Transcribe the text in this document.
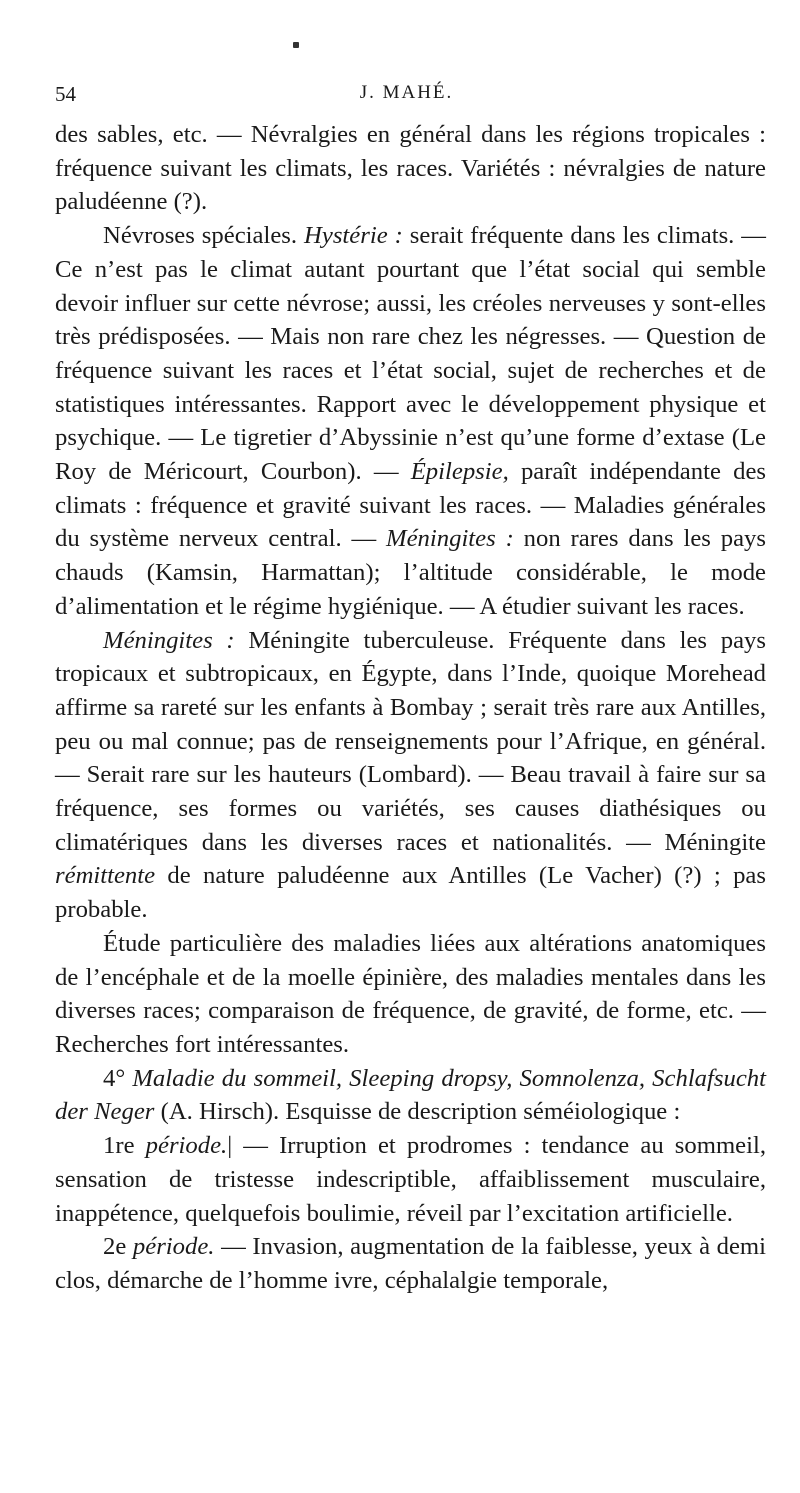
54	J. MAHÉ.

des sables, etc. — Névralgies en général dans les régions tropicales : fréquence suivant les climats, les races. Variétés : névralgies de nature paludéenne (?).

Névroses spéciales. Hystérie : serait fréquente dans les climats. — Ce n’est pas le climat autant pourtant que l’état social qui semble devoir influer sur cette névrose; aussi, les créoles nerveuses y sont-elles très prédisposées. — Mais non rare chez les négresses. — Question de fréquence suivant les races et l’état social, sujet de recherches et de statistiques intéressantes. Rapport avec le développement physique et psychique. — Le tigretier d’Abyssinie n’est qu’une forme d’extase (Le Roy de Méricourt, Courbon). — Épilepsie, paraît indépendante des climats : fréquence et gravité suivant les races. — Maladies générales du système nerveux central. — Méningites : non rares dans les pays chauds (Kamsin, Harmattan); l’altitude considérable, le mode d’alimentation et le régime hygiénique. — A étudier suivant les races.

Méningites : Méningite tuberculeuse. Fréquente dans les pays tropicaux et subtropicaux, en Égypte, dans l’Inde, quoique Morehead affirme sa rareté sur les enfants à Bombay ; serait très rare aux Antilles, peu ou mal connue; pas de renseignements pour l’Afrique, en général. — Serait rare sur les hauteurs (Lombard). — Beau travail à faire sur sa fréquence, ses formes ou variétés, ses causes diathésiques ou climatériques dans les diverses races et nationalités. — Méningite rémittente de nature paludéenne aux Antilles (Le Vacher) (?) ; pas probable.

Étude particulière des maladies liées aux altérations anatomiques de l’encéphale et de la moelle épinière, des maladies mentales dans les diverses races; comparaison de fréquence, de gravité, de forme, etc. — Recherches fort intéressantes.

4° Maladie du sommeil, Sleeping dropsy, Somnolenza, Schlafsucht der Neger (A. Hirsch). Esquisse de description séméiologique :

1re période.| — Irruption et prodromes : tendance au sommeil, sensation de tristesse indescriptible, affaiblissement musculaire, inappétence, quelquefois boulimie, réveil par l’excitation artificielle.

2e période. — Invasion, augmentation de la faiblesse, yeux à demi clos, démarche de l’homme ivre, céphalalgie temporale,
